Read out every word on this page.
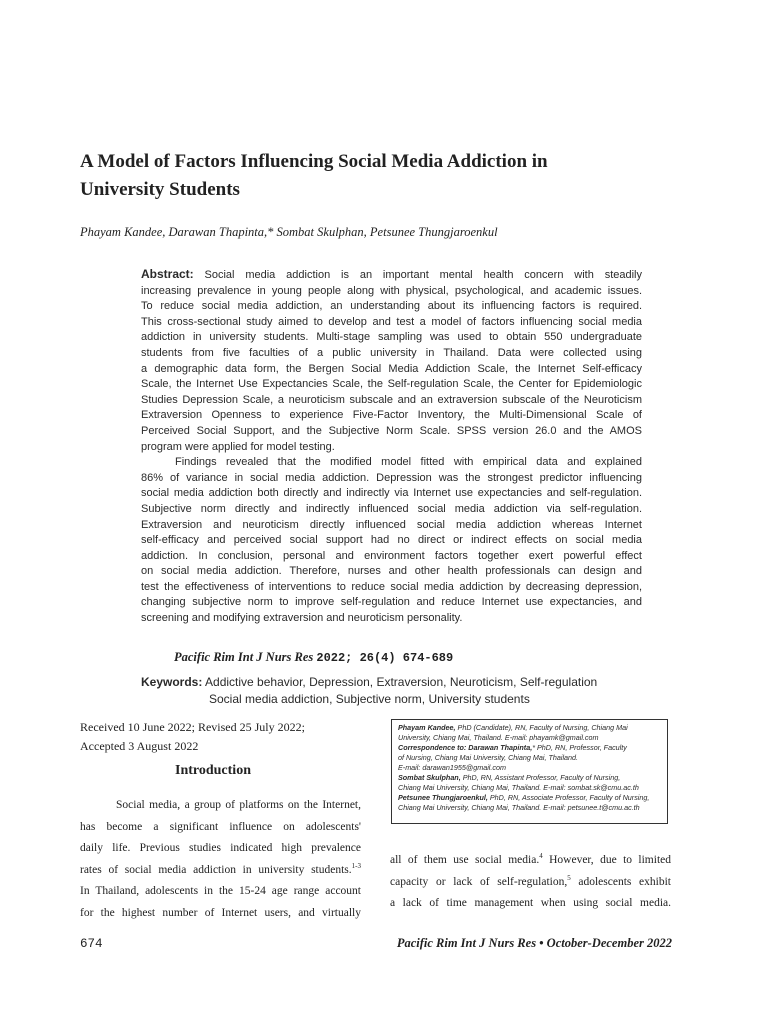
A Model of Factors Influencing Social Media Addiction in
University Students
Phayam Kandee, Darawan Thapinta,* Sombat Skulphan, Petsunee Thungjaroenkul
Abstract: Social media addiction is an important mental health concern with steadily
increasing prevalence in young people along with physical, psychological, and academic issues.
To reduce social media addiction, an understanding about its influencing factors is required.
This cross-sectional study aimed to develop and test a model of factors influencing social media
addiction in university students. Multi-stage sampling was used to obtain 550 undergraduate
students from five faculties of a public university in Thailand. Data were collected using
a demographic data form, the Bergen Social Media Addiction Scale, the Internet Self-efficacy
Scale, the Internet Use Expectancies Scale, the Self-regulation Scale, the Center for Epidemiologic
Studies Depression Scale, a neuroticism subscale and an extraversion subscale of the Neuroticism
Extraversion Openness to experience Five-Factor Inventory, the Multi-Dimensional Scale of
Perceived Social Support, and the Subjective Norm Scale. SPSS version 26.0 and the AMOS
program were applied for model testing.
Findings revealed that the modified model fitted with empirical data and explained
86% of variance in social media addiction. Depression was the strongest predictor influencing
social media addiction both directly and indirectly via Internet use expectancies and self-regulation.
Subjective norm directly and indirectly influenced social media addiction via self-regulation.
Extraversion and neuroticism directly influenced social media addiction whereas Internet
self-efficacy and perceived social support had no direct or indirect effects on social media
addiction. In conclusion, personal and environment factors together exert powerful effect
on social media addiction. Therefore, nurses and other health professionals can design and
test the effectiveness of interventions to reduce social media addiction by decreasing depression,
changing subjective norm to improve self-regulation and reduce Internet use expectancies, and
screening and modifying extraversion and neuroticism personality.
Pacific Rim Int J Nurs Res 2022; 26(4) 674-689
Keywords: Addictive behavior, Depression, Extraversion, Neuroticism, Self-regulation
Social media addiction, Subjective norm, University students
Received 10 June 2022; Revised 25 July 2022;
Accepted 3 August 2022
Introduction
Social media, a group of platforms on the Internet,
has become a significant influence on adolescents'
daily life. Previous studies indicated high prevalence
rates of social media addiction in university students.$^{1-3}$
In Thailand, adolescents in the 15-24 age range account
for the highest number of Internet users, and virtually
Phayam Kandee, PhD (Candidate), RN, Faculty of Nursing, Chiang Mai
University, Chiang Mai, Thailand. E-mail: phayamk@gmail.com
Correspondence to: Darawan Thapinta,* PhD, RN, Professor, Faculty
of Nursing, Chiang Mai University, Chiang Mai, Thailand.
E-mail: darawan1955@gmail.com
Sombat Skulphan, PhD, RN, Assistant Professor, Faculty of Nursing,
Chiang Mai University, Chiang Mai, Thailand. E-mail: sombat.sk@cmu.ac.th
Petsunee Thungjaroenkul, PhD, RN, Associate Professor, Faculty of Nursing,
Chiang Mai University, Chiang Mai, Thailand. E-mail: petsunee.t@cmu.ac.th
all of them use social media.$^4$ However, due to limited
capacity or lack of self-regulation,$^5$ adolescents exhibit
a lack of time management when using social media.
674	Pacific Rim Int J Nurs Res • October-December 2022
